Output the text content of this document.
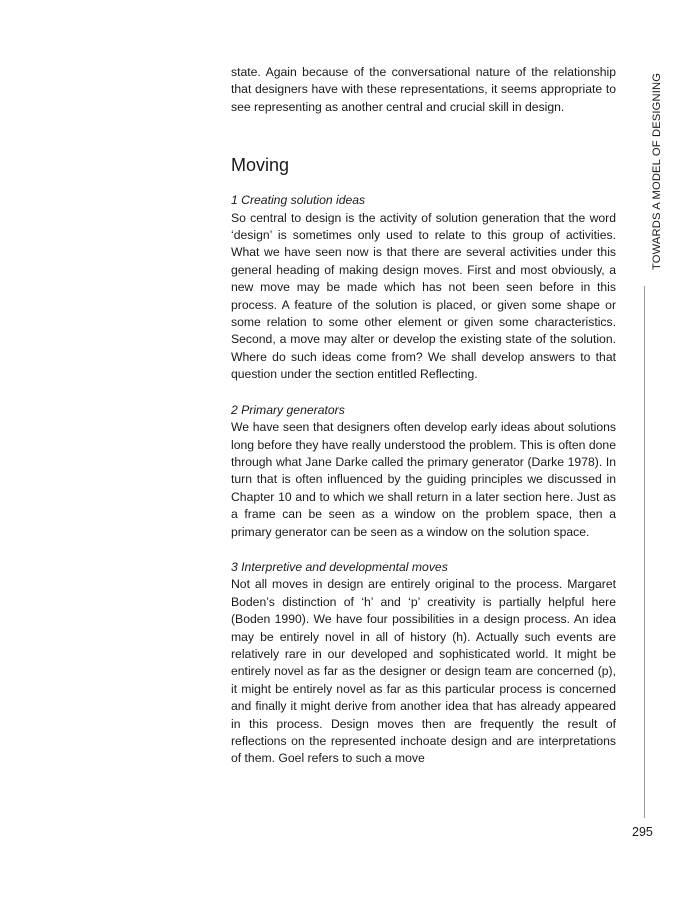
state. Again because of the conversational nature of the relationship that designers have with these representations, it seems appropriate to see representing as another central and crucial skill in design.

Moving

1 Creating solution ideas

So central to design is the activity of solution generation that the word ‘design’ is sometimes only used to relate to this group of activities. What we have seen now is that there are several activities under this general heading of making design moves. First and most obviously, a new move may be made which has not been seen before in this process. A feature of the solution is placed, or given some shape or some relation to some other element or given some characteristics. Second, a move may alter or develop the existing state of the solution. Where do such ideas come from? We shall develop answers to that question under the section entitled Reflecting.

2 Primary generators

We have seen that designers often develop early ideas about solutions long before they have really understood the problem. This is often done through what Jane Darke called the primary generator (Darke 1978). In turn that is often influenced by the guiding principles we discussed in Chapter 10 and to which we shall return in a later section here. Just as a frame can be seen as a window on the problem space, then a primary generator can be seen as a window on the solution space.

3 Interpretive and developmental moves

Not all moves in design are entirely original to the process. Margaret Boden’s distinction of ‘h’ and ‘p’ creativity is partially helpful here (Boden 1990). We have four possibilities in a design process. An idea may be entirely novel in all of history (h). Actually such events are relatively rare in our developed and sophisticated world. It might be entirely novel as far as the designer or design team are concerned (p), it might be entirely novel as far as this particular process is concerned and finally it might derive from another idea that has already appeared in this process. Design moves then are frequently the result of reflections on the represented inchoate design and are interpretations of them. Goel refers to such a move

TOWARDS A MODEL OF DESIGNING
295
